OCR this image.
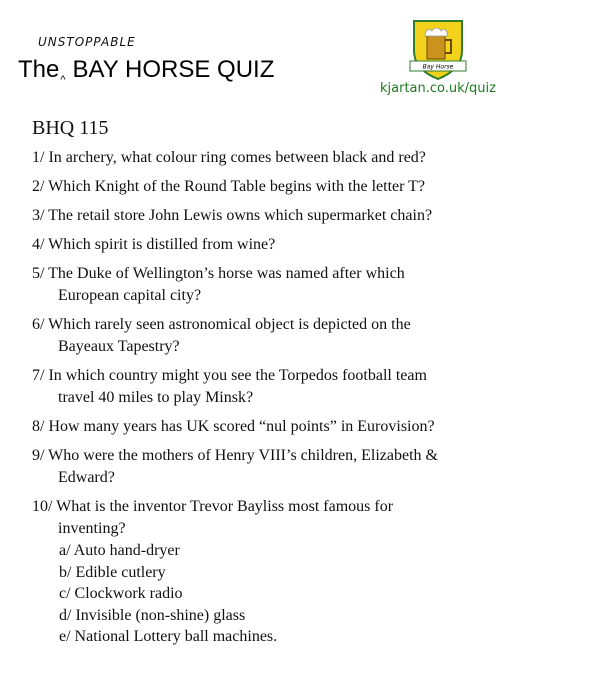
UNSTOPPABLE
The$_{\^{}}$ BAY HORSE QUIZ	Bay Horse
kjartan.co.uk/quiz
BHQ 115
1/ In archery, what colour ring comes between black and red?
2/ Which Knight of the Round Table begins with the letter T?
3/ The retail store John Lewis owns which supermarket chain?
4/ Which spirit is distilled from wine?
5/ The Duke of Wellington’s horse was named after which
European capital city?
6/ Which rarely seen astronomical object is depicted on the
Bayeaux Tapestry?
7/ In which country might you see the Torpedos football team
travel 40 miles to play Minsk?
8/ How many years has UK scored “nul points” in Eurovision?
9/ Who were the mothers of Henry VIII’s children, Elizabeth &
Edward?
10/ What is the inventor Trevor Bayliss most famous for
inventing?
a/ Auto hand-dryer
b/ Edible cutlery
c/ Clockwork radio
d/ Invisible (non-shine) glass
e/ National Lottery ball machines.
